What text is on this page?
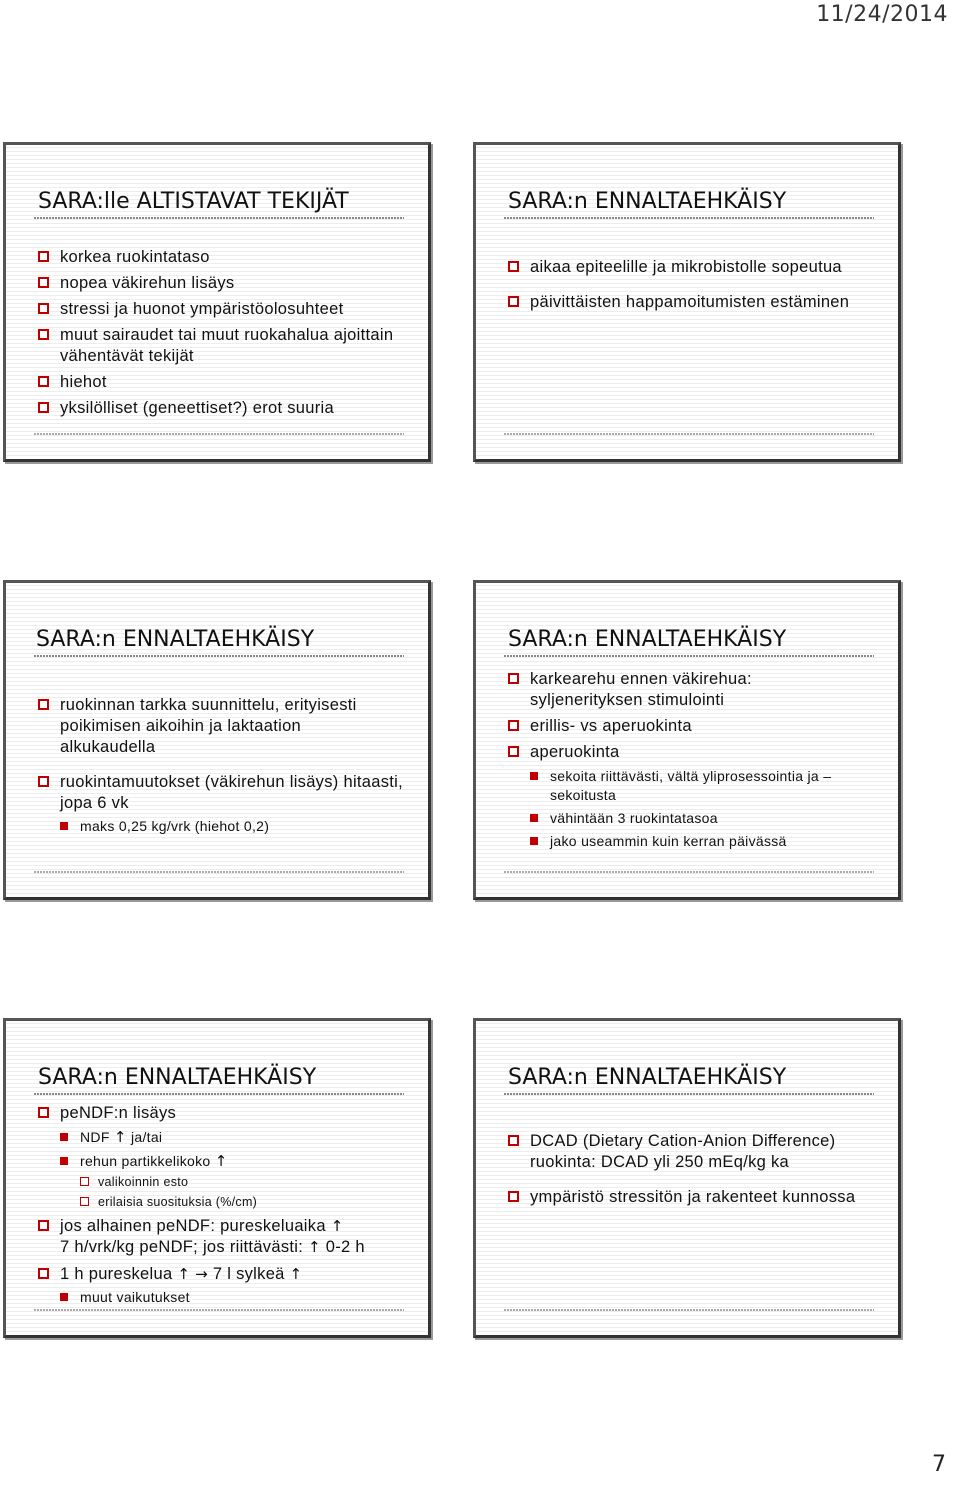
11/24/2014
SARA:lle ALTISTAVAT TEKIJÄT
korkea ruokintataso
nopea väkirehun lisäys
stressi ja huonot ympäristöolosuhteet
muut sairaudet tai muut ruokahalua ajoittain vähentävät tekijät
hiehot
yksilölliset (geneettiset?) erot suuria
SARA:n ENNALTAEHKÄISY
aikaa epiteelille ja mikrobistolle sopeutua
päivittäisten happamoitumisten estäminen
SARA:n ENNALTAEHKÄISY
ruokinnan tarkka suunnittelu, erityisesti poikimisen aikoihin ja laktaation alkukaudella
ruokintamuutokset (väkirehun lisäys) hitaasti, jopa 6 vk
maks 0,25 kg/vrk (hiehot 0,2)
SARA:n ENNALTAEHKÄISY
karkearehu ennen väkirehua: syljenerityksen stimulointi
erillis- vs aperuokinta
aperuokinta
sekoita riittävästi, vältä yliprosessointia ja –sekoitusta
vähintään 3 ruokintatasoa
jako useammin kuin kerran päivässä
SARA:n ENNALTAEHKÄISY
peNDF:n lisäys
NDF ↑ ja/tai
rehun partikkelikoko ↑
valikoinnin esto
erilaisia suosituksia (%/cm)
jos alhainen peNDF: pureskeluaika ↑
7 h/vrk/kg peNDF; jos riittävästi: ↑ 0-2 h
1 h pureskelua ↑ → 7 l sylkeä ↑
muut vaikutukset
SARA:n ENNALTAEHKÄISY
DCAD (Dietary Cation-Anion Difference) ruokinta: DCAD yli 250 mEq/kg ka
ympäristö stressitön ja rakenteet kunnossa
7
